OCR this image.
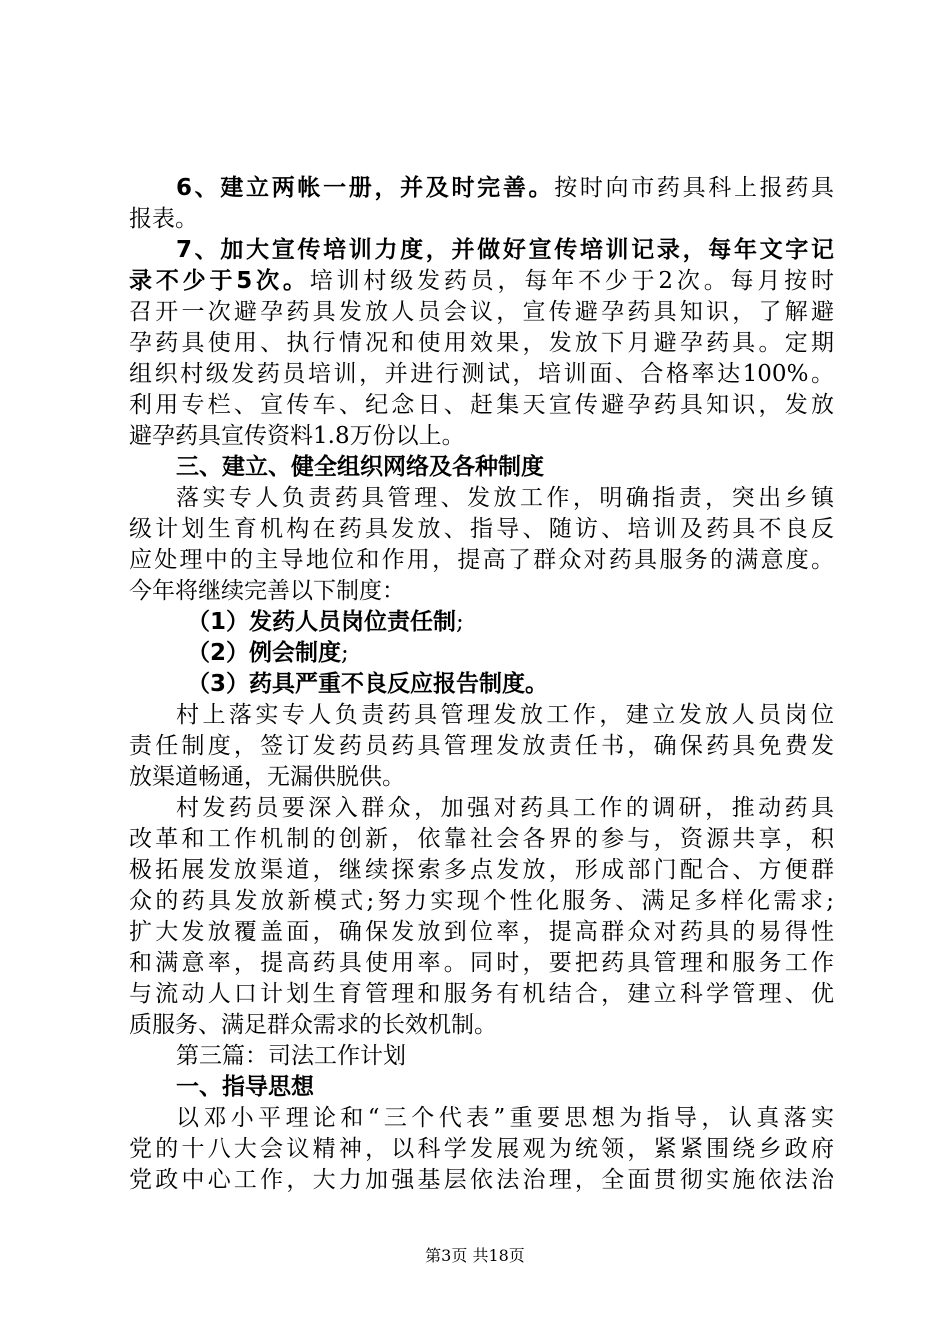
6、建立两帐一册，并及时完善。按时向市药具科上报药具
报表。
7、加大宣传培训力度，并做好宣传培训记录，每年文字记
录不少于5次。培训村级发药员，每年不少于2次。每月按时
召开一次避孕药具发放人员会议，宣传避孕药具知识，了解避
孕药具使用、执行情况和使用效果，发放下月避孕药具。定期
组织村级发药员培训，并进行测试，培训面、合格率达100%。
利用专栏、宣传车、纪念日、赶集天宣传避孕药具知识，发放
避孕药具宣传资料1.8万份以上。
三、建立、健全组织网络及各种制度
落实专人负责药具管理、发放工作，明确指责，突出乡镇
级计划生育机构在药具发放、指导、随访、培训及药具不良反
应处理中的主导地位和作用，提高了群众对药具服务的满意度。
今年将继续完善以下制度：
（1）发药人员岗位责任制;
（2）例会制度;
（3）药具严重不良反应报告制度。
村上落实专人负责药具管理发放工作，建立发放人员岗位
责任制度，签订发药员药具管理发放责任书，确保药具免费发
放渠道畅通，无漏供脱供。
村发药员要深入群众，加强对药具工作的调研，推动药具
改革和工作机制的创新，依靠社会各界的参与，资源共享，积
极拓展发放渠道，继续探索多点发放，形成部门配合、方便群
众的药具发放新模式;努力实现个性化服务、满足多样化需求;
扩大发放覆盖面，确保发放到位率，提高群众对药具的易得性
和满意率，提高药具使用率。同时，要把药具管理和服务工作
与流动人口计划生育管理和服务有机结合，建立科学管理、优
质服务、满足群众需求的长效机制。
第三篇：司法工作计划
一、指导思想
以邓小平理论和“三个代表”重要思想为指导，认真落实
党的十八大会议精神，以科学发展观为统领，紧紧围绕乡政府
党政中心工作，大力加强基层依法治理，全面贯彻实施依法治
第3页 共18页
